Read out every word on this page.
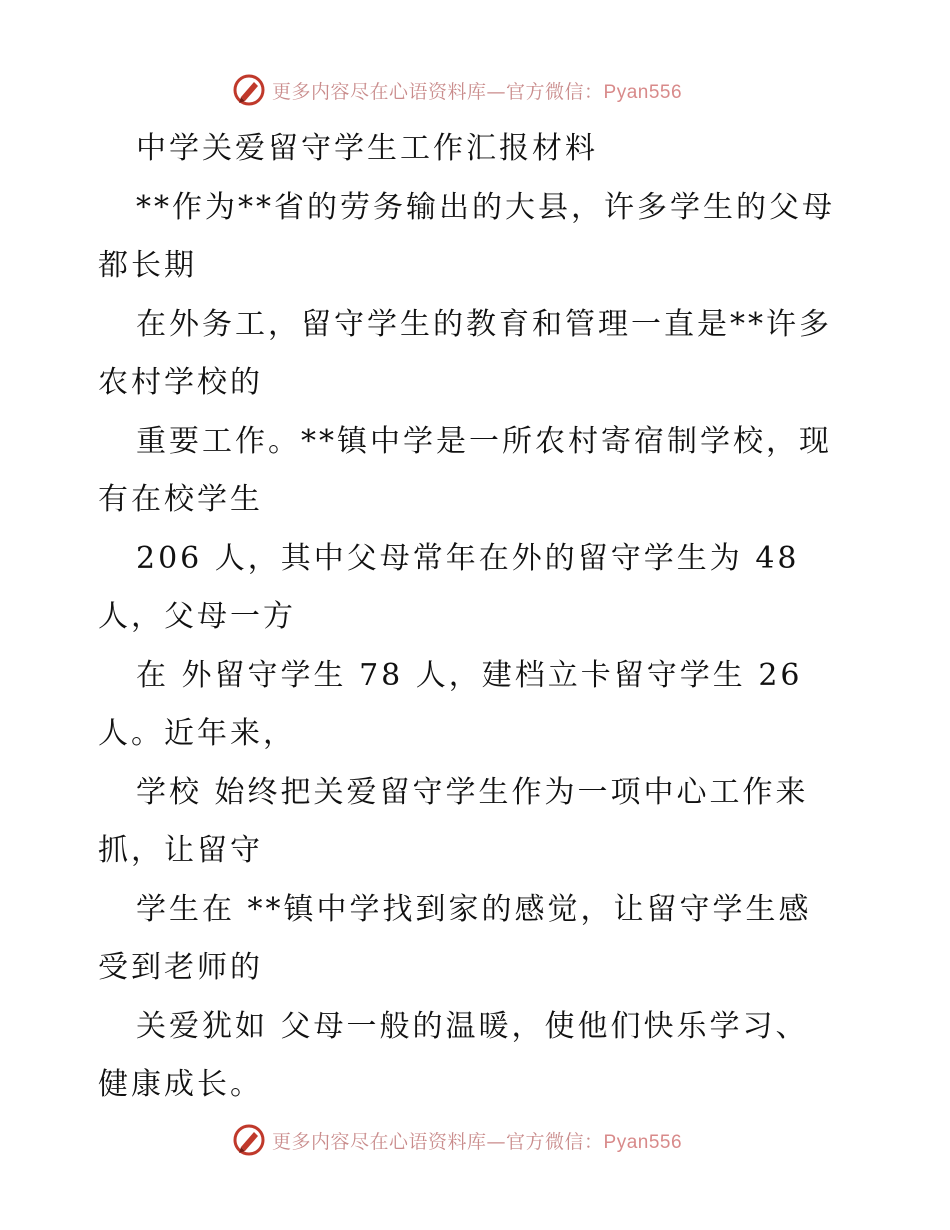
更多内容尽在心语资料库—官方微信：Pyan556
中学关爱留守学生工作汇报材料
**作为**省的劳务输出的大县，许多学生的父母
都长期
在外务工，留守学生的教育和管理一直是**许多
农村学校的
重要工作。**镇中学是一所农村寄宿制学校，现
有在校学生
206 人，其中父母常年在外的留守学生为 48
人，父母一方
在 外留守学生 78 人，建档立卡留守学生 26
人。近年来，
学校 始终把关爱留守学生作为一项中心工作来
抓，让留守
学生在 **镇中学找到家的感觉，让留守学生感
受到老师的
关爱犹如 父母一般的温暖，使他们快乐学习、
健康成长。
更多内容尽在心语资料库—官方微信：Pyan556
